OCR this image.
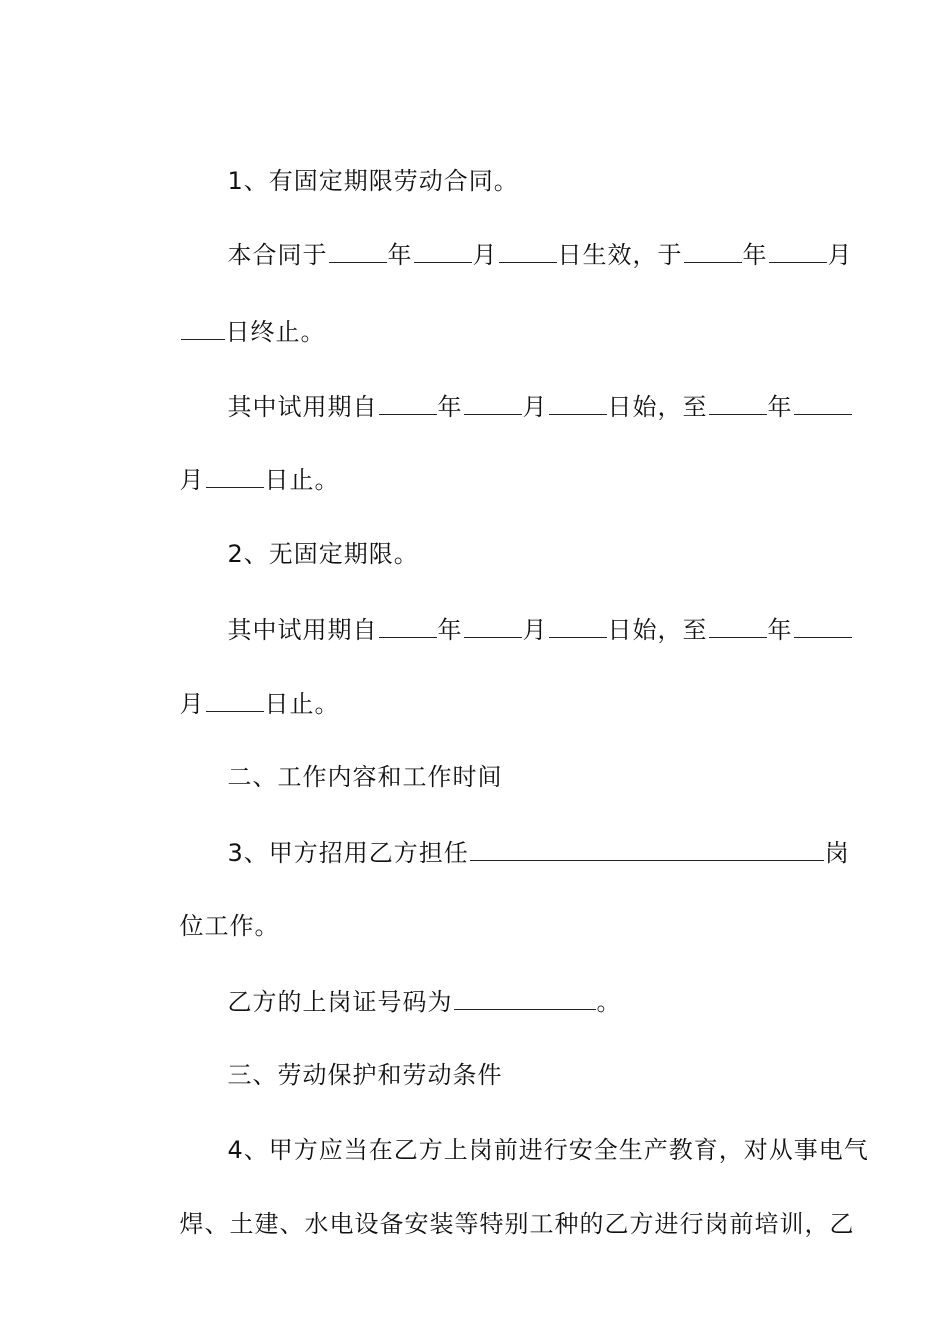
1、有固定期限劳动合同。

本合同于	年	月	日生效，于	年	月

日终止。

其中试用期自	年	月	日始，至	年

月	日止。

2、无固定期限。

其中试用期自	年	月	日始，至	年

月	日止。

二、工作内容和工作时间

3、甲方招用乙方担任	岗

位工作。

乙方的上岗证号码为	。

三、劳动保护和劳动条件

4、甲方应当在乙方上岗前进行安全生产教育，对从事电气

焊、土建、水电设备安装等特别工种的乙方进行岗前培训，乙
